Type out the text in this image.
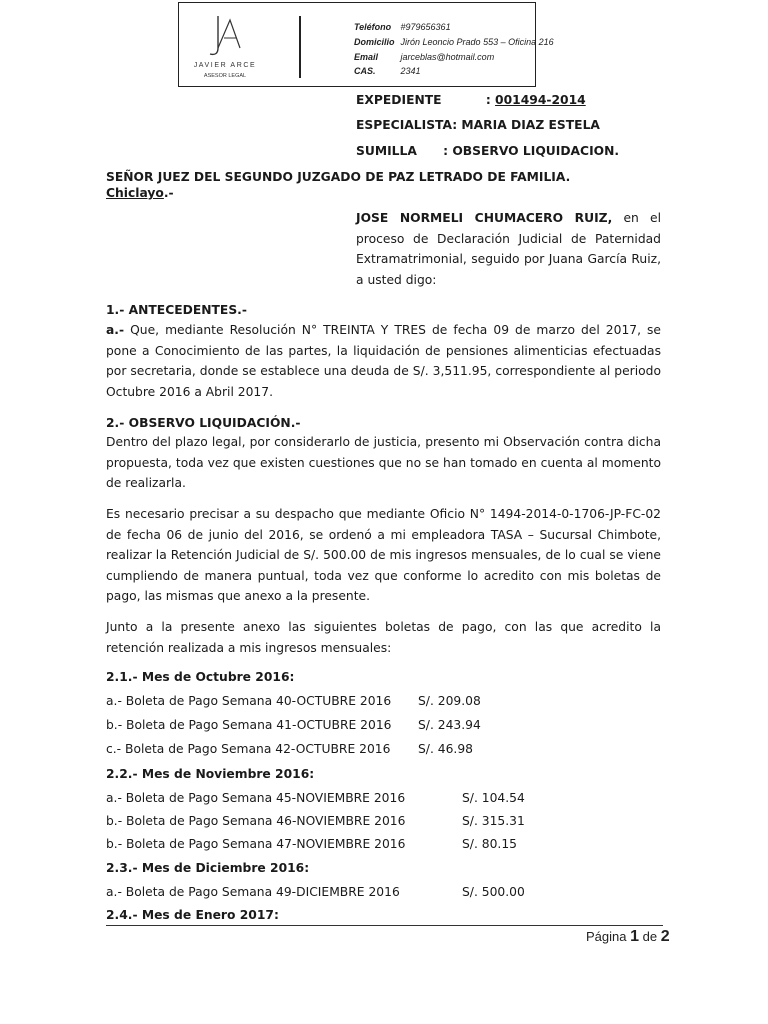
JAVIER ARCE
ASESOR LEGAL
Teléfono #979656361
Domicilio Jirón Leoncio Prado 553 – Oficina 216
Email	jarceblas@hotmail.com
CAS.	2341
EXPEDIENTE	: 001494-2014
ESPECIALISTA: MARIA DIAZ ESTELA
SUMILLA : OBSERVO LIQUIDACION.
SEÑOR JUEZ DEL SEGUNDO JUZGADO DE PAZ LETRADO DE FAMILIA.
Chiclayo.-
JOSE NORMELI CHUMACERO RUIZ, en el proceso de Declaración Judicial de Paternidad Extramatrimonial, seguido por Juana García Ruiz, a usted digo:
1.- ANTECEDENTES.-
a.- Que, mediante Resolución N° TREINTA Y TRES de fecha 09 de marzo del 2017, se pone a Conocimiento de las partes, la liquidación de pensiones alimenticias efectuadas por secretaria, donde se establece una deuda de S/. 3,511.95, correspondiente al periodo Octubre 2016 a Abril 2017.
2.- OBSERVO LIQUIDACIÓN.-
Dentro del plazo legal, por considerarlo de justicia, presento mi Observación contra dicha propuesta, toda vez que existen cuestiones que no se han tomado en cuenta al momento de realizarla.
Es necesario precisar a su despacho que mediante Oficio N° 1494-2014-0-1706-JP-FC-02 de fecha 06 de junio del 2016, se ordenó a mi empleadora TASA – Sucursal Chimbote, realizar la Retención Judicial de S/. 500.00 de mis ingresos mensuales, de lo cual se viene cumpliendo de manera puntual, toda vez que conforme lo acredito con mis boletas de pago, las mismas que anexo a la presente.
Junto a la presente anexo las siguientes boletas de pago, con las que acredito la retención realizada a mis ingresos mensuales:
2.1.- Mes de Octubre 2016:
a.- Boleta de Pago Semana 40-OCTUBRE 2016 S/. 209.08
b.- Boleta de Pago Semana 41-OCTUBRE 2016 S/. 243.94
c.- Boleta de Pago Semana 42-OCTUBRE 2016 S/. 46.98
2.2.- Mes de Noviembre 2016:
a.- Boleta de Pago Semana 45-NOVIEMBRE 2016	S/. 104.54
b.- Boleta de Pago Semana 46-NOVIEMBRE 2016	S/. 315.31
b.- Boleta de Pago Semana 47-NOVIEMBRE 2016	S/. 80.15
2.3.- Mes de Diciembre 2016:
a.- Boleta de Pago Semana 49-DICIEMBRE 2016	S/. 500.00
2.4.- Mes de Enero 2017:
Página 1 de 2
